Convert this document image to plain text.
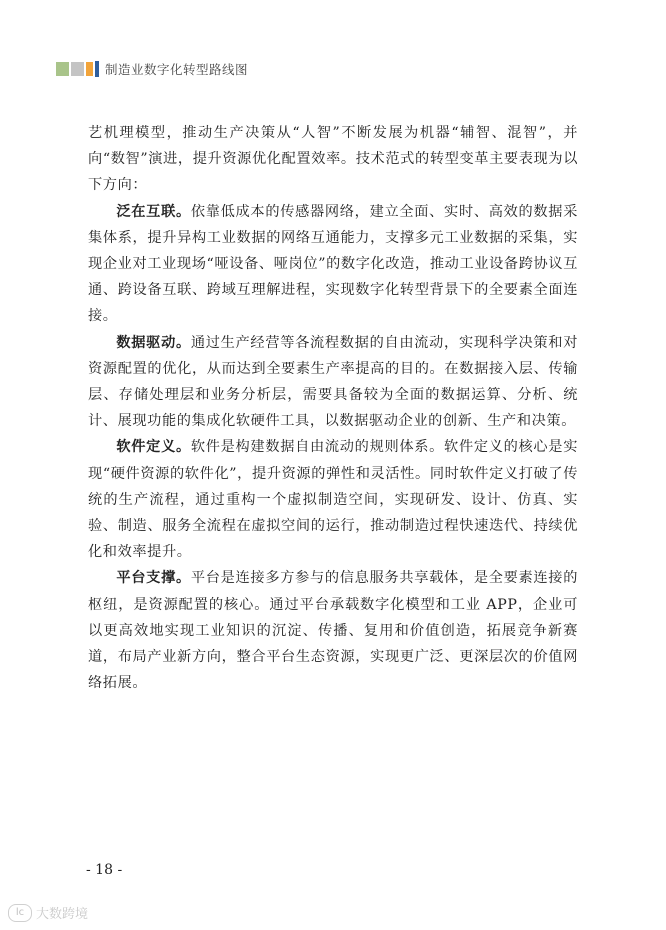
制造业数字化转型路线图

艺机理模型，推动生产决策从“人智”不断发展为机器“辅智、混智”，并向“数智”演进，提升资源优化配置效率。技术范式的转型变革主要表现为以下方向：

泛在互联。依靠低成本的传感器网络，建立全面、实时、高效的数据采集体系，提升异构工业数据的网络互通能力，支撑多元工业数据的采集，实现企业对工业现场“哑设备、哑岗位”的数字化改造，推动工业设备跨协议互通、跨设备互联、跨域互理解进程，实现数字化转型背景下的全要素全面连接。

数据驱动。通过生产经营等各流程数据的自由流动，实现科学决策和对资源配置的优化，从而达到全要素生产率提高的目的。在数据接入层、传输层、存储处理层和业务分析层，需要具备较为全面的数据运算、分析、统计、展现功能的集成化软硬件工具，以数据驱动企业的创新、生产和决策。

软件定义。软件是构建数据自由流动的规则体系。软件定义的核心是实现“硬件资源的软件化”，提升资源的弹性和灵活性。同时软件定义打破了传统的生产流程，通过重构一个虚拟制造空间，实现研发、设计、仿真、实验、制造、服务全流程在虚拟空间的运行，推动制造过程快速迭代、持续优化和效率提升。

平台支撑。平台是连接多方参与的信息服务共享载体，是全要素连接的枢纽，是资源配置的核心。通过平台承载数字化模型和工业 APP，企业可以更高效地实现工业知识的沉淀、传播、复用和价值创造，拓展竞争新赛道，布局产业新方向，整合平台生态资源，实现更广泛、更深层次的价值网络拓展。

- 18 -
lc 大数跨境
